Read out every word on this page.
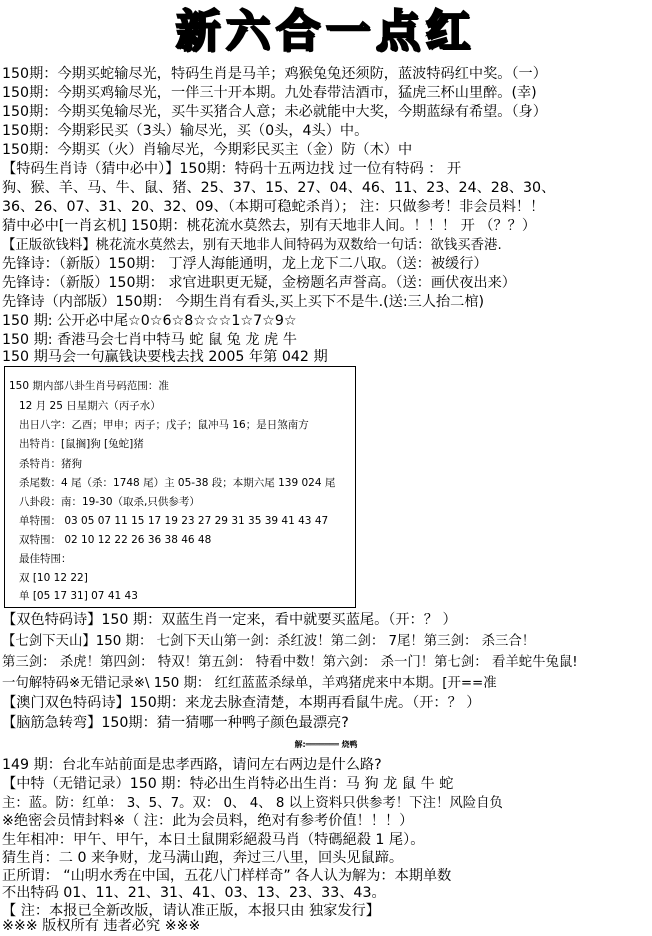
新六合一点红
150期：今期买蛇输尽光，特码生肖是马羊；鸡猴兔兔还须防，蓝波特码红中奖。（一）
150期：今期买鸡输尽光，一伴三十开本期。九处春带洁酒市，猛虎三杯山里醉。(幸)
150期：今期买兔输尽光，买牛买猪合人意；未必就能中大奖，今期蓝绿有希望。（身）
150期：今期彩民买（3头）输尽光，买（0头，4头）中。
150期：今期买（火）肖输尽光，今期彩民买主（金）防（木）中
【特码生肖诗（猜中必中）】150期：特码十五两边找 过一位有特码 ： 开
狗、猴、羊、马、牛、鼠、猪、25、37、15、27、04、46、11、23、24、28、30、
36、26、07、31、20、32、09、（本期可稳蛇杀肖）； 注：只做参考！非会员料！！
猜中必中[一肖玄机] 150期：桃花流水莫然去，别有天地非人间。！！！ 开 （？？）
【正版欲钱料】桃花流水莫然去，别有天地非人间特码为双数给一句话：欲钱买香港.
先锋诗：（新版）150期： 丁浮人海能通明，龙上龙下二八取。（送：被缓行）
先锋诗：（新版）150期： 求官进职更无疑，金榜题名声誉高。（送：画伏夜出来）
先锋诗（内部版）150期： 今期生肖有看头,买上买下不是牛.(送:三人抬二棺)
150 期: 公开必中尾☆0☆6☆8☆☆☆1☆7☆9☆
150 期: 香港马会七肖中特马 蛇 鼠 兔 龙 虎 牛
150 期马会一句赢钱诀要栈去找 2005 年第 042 期
150 期内部八卦生肖号码范围：准
12 月 25 日星期六（丙子水）
出日八字：乙酉；甲申；丙子；戊子；鼠冲马 16；是日煞南方
出特肖：[鼠搁]狗 [兔蛇]猪
杀特肖：猪狗
杀尾数：4 尾（杀：1748 尾）主 05-38 段；本期六尾 139 024 尾
八卦段：南：19-30（取杀,只供参考）
单特围： 03 05 07 11 15 17 19 23 27 29 31 35 39 41 43 47
双特围： 02 10 12 22 26 36 38 46 48
最佳特围：
双 [10 12 22]
单 [05 17 31] 07 41 43
【双色特码诗】150 期：双蓝生肖一定来，看中就要买蓝尾。（开：？ ）
【七剑下天山】150 期： 七剑下天山第一剑：杀红波！第二剑： 7尾！第三剑： 杀三合！
第三剑： 杀虎！第四剑： 特双！第五剑： 特看中数！第六剑： 杀一门！第七剑： 看羊蛇牛兔鼠!
一句解特码※无错记录※\ 150 期： 红红蓝蓝杀绿单，羊鸡猪虎来中本期。[开==准
【澳门双色特码诗】150期：来龙去脉查清楚，本期再看鼠牛虎。（开：？ ）
【脑筋急转弯】150期：猜一猜哪一种鸭子颜色最漂亮?
解:═══════ 烧鸭
149 期：台北车站前面是忠孝西路，请问左右两边是什么路?
【中特（无错记录）150 期：特必出生肖特必出生肖：马 狗 龙 鼠 牛 蛇
主：蓝。防：红单： 3、5、7。双： 0、 4、 8 以上资料只供参考！下注！风险自负
※绝密会员情封料※（ 注：此为会员料，绝对有参考价值！！！）
生年相冲：甲午、甲午，本日土鼠開彩絕殺马肖（特碼絕殺 1 尾）。
猜生肖：二 0 来争财，龙马满山跑，奔过三八里，回头见鼠蹄。
正所谓： “山明水秀在中国，五花八门样样奇” 各人认为解为：本期单数
不出特码 01、11、21、31、41、03、13、23、33、43。
【 注：本报已全新改版，请认准正版，本报只由 独家发行】
※※※ 版权所有 违者必究 ※※※
